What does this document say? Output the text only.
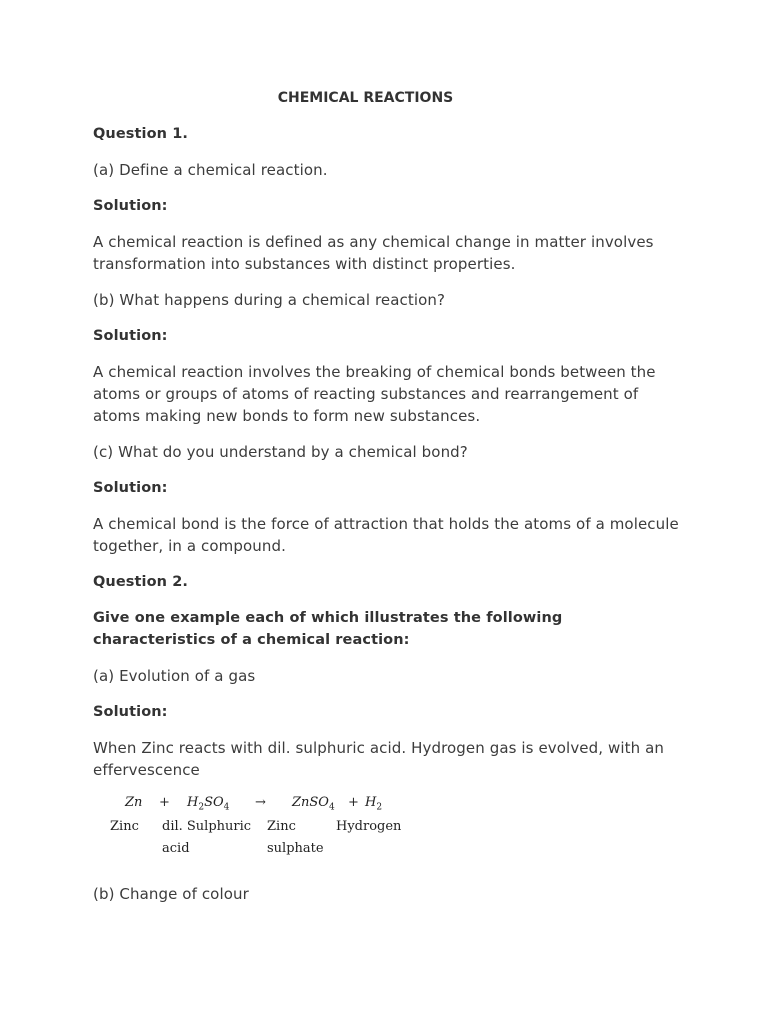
CHEMICAL REACTIONS
Question 1.
(a) Define a chemical reaction.
Solution:
A chemical reaction is defined as any chemical change in matter involves transformation into substances with distinct properties.
(b) What happens during a chemical reaction?
Solution:
A chemical reaction involves the breaking of chemical bonds between the atoms or groups of atoms of reacting substances and rearrangement of atoms making new bonds to form new substances.
(c) What do you understand by a chemical bond?
Solution:
A chemical bond is the force of attraction that holds the atoms of a molecule together, in a compound.
Question 2.
Give one example each of which illustrates the following characteristics of a chemical reaction:
(a) Evolution of a gas
Solution:
When Zinc reacts with dil. sulphuric acid. Hydrogen gas is evolved, with an effervescence
$Zn + H_2SO_4$ → ZnSO$_4$ + $H_2$
Zinc dil. Sulphuric Zinc	Hydrogen
acid	sulphate
(b) Change of colour
